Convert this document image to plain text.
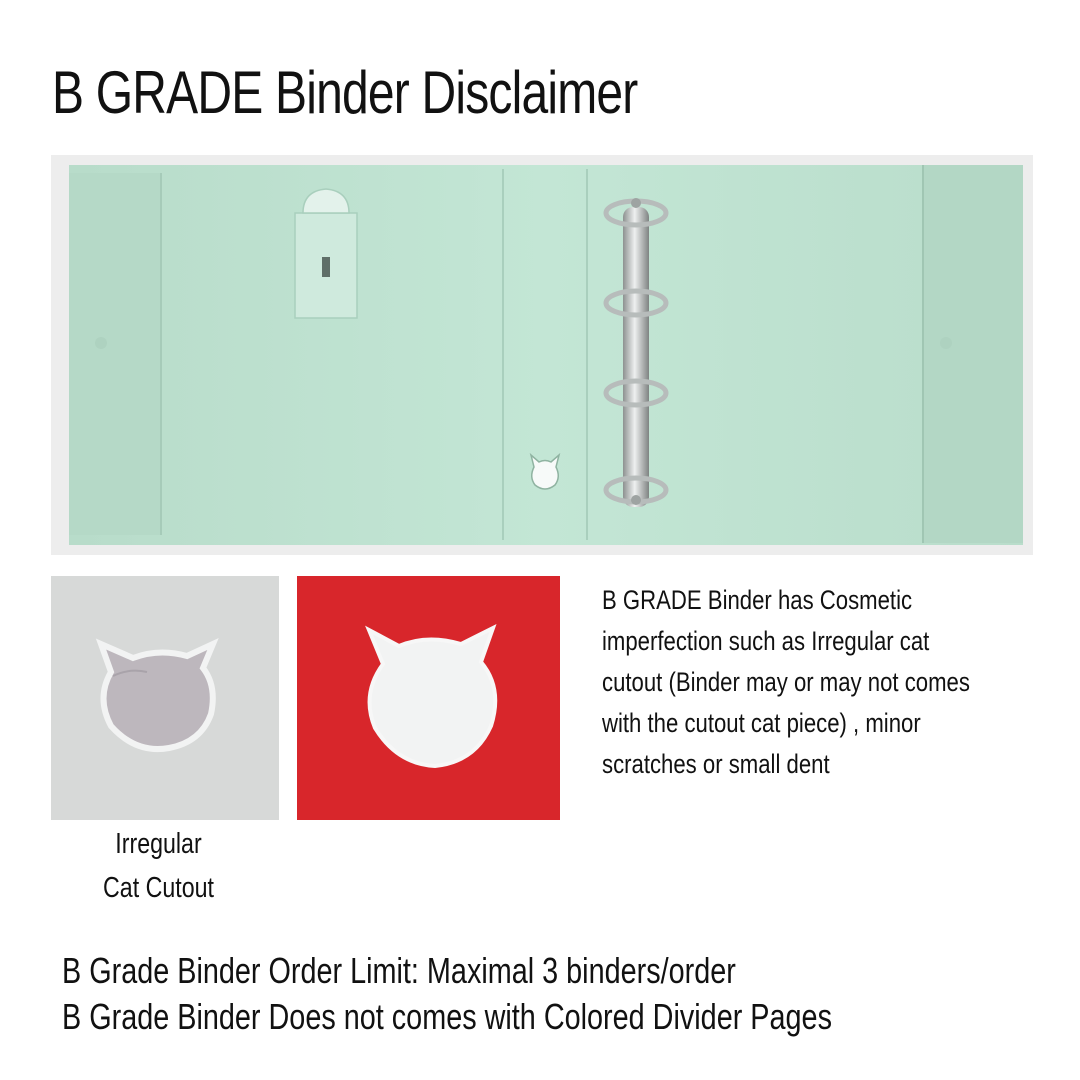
B GRADE Binder Disclaimer
Irregular
Cat Cutout
B GRADE Binder has Cosmetic
imperfection such as Irregular cat
cutout (Binder may or may not comes
with the cutout cat piece) , minor
scratches or small dent
B Grade Binder Order Limit: Maximal 3 binders/order
B Grade Binder Does not comes with Colored Divider Pages
